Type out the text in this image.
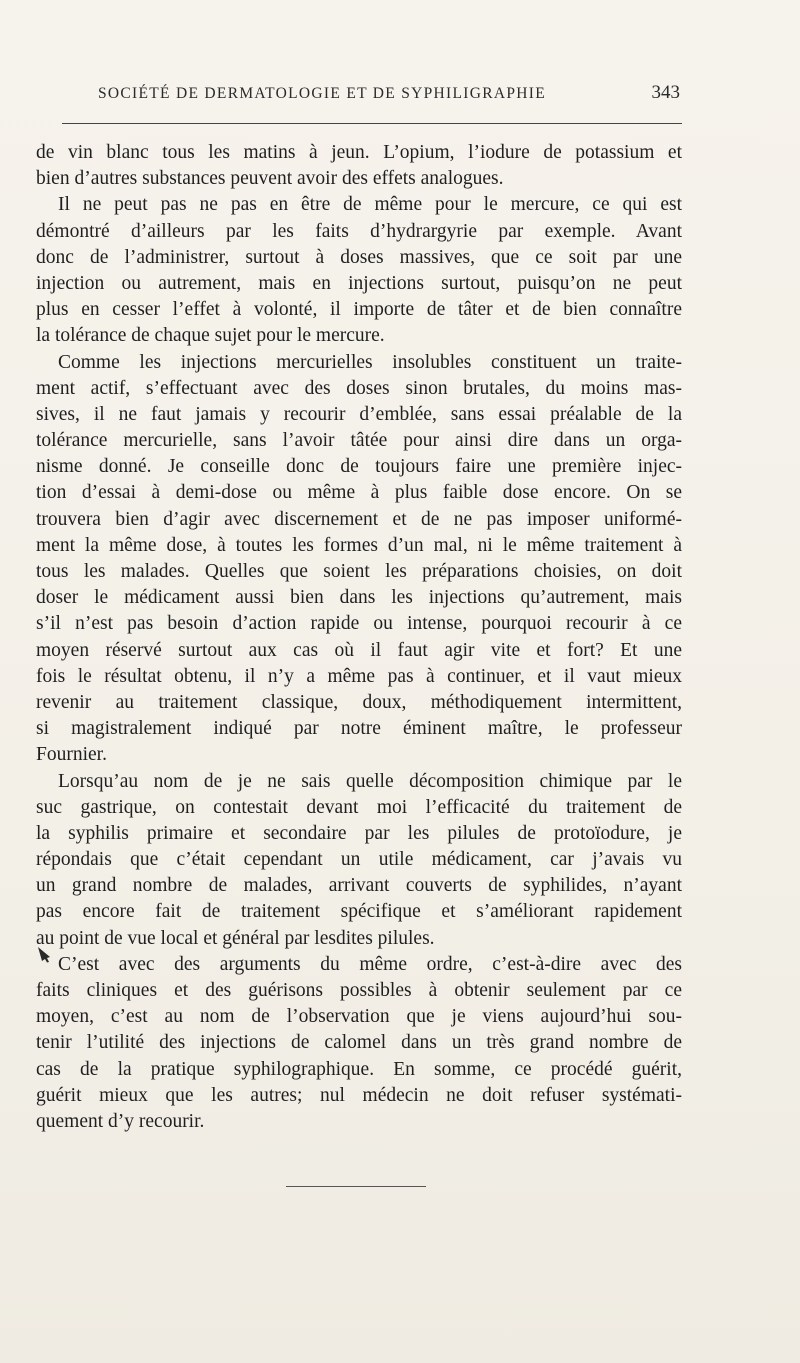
SOCIÉTÉ DE DERMATOLOGIE ET DE SYPHILIGRAPHIE	343
de vin blanc tous les matins à jeun. L’opium, l’iodure de potassium et
bien d’autres substances peuvent avoir des effets analogues.
Il ne peut pas ne pas en être de même pour le mercure, ce qui est
démontré d’ailleurs par les faits d’hydrargyrie par exemple. Avant
donc de l’administrer, surtout à doses massives, que ce soit par une
injection ou autrement, mais en injections surtout, puisqu’on ne peut
plus en cesser l’effet à volonté, il importe de tâter et de bien connaître
la tolérance de chaque sujet pour le mercure.
Comme les injections mercurielles insolubles constituent un traite-
ment actif, s’effectuant avec des doses sinon brutales, du moins mas-
sives, il ne faut jamais y recourir d’emblée, sans essai préalable de la
tolérance mercurielle, sans l’avoir tâtée pour ainsi dire dans un orga-
nisme donné. Je conseille donc de toujours faire une première injec-
tion d’essai à demi-dose ou même à plus faible dose encore. On se
trouvera bien d’agir avec discernement et de ne pas imposer uniformé-
ment la même dose, à toutes les formes d’un mal, ni le même traitement à
tous les malades. Quelles que soient les préparations choisies, on doit
doser le médicament aussi bien dans les injections qu’autrement, mais
s’il n’est pas besoin d’action rapide ou intense, pourquoi recourir à ce
moyen réservé surtout aux cas où il faut agir vite et fort? Et une
fois le résultat obtenu, il n’y a même pas à continuer, et il vaut mieux
revenir au traitement classique, doux, méthodiquement intermittent,
si magistralement indiqué par notre éminent maître, le professeur
Fournier.
Lorsqu’au nom de je ne sais quelle décomposition chimique par le
suc gastrique, on contestait devant moi l’efficacité du traitement de
la syphilis primaire et secondaire par les pilules de protoïodure, je
répondais que c’était cependant un utile médicament, car j’avais vu
un grand nombre de malades, arrivant couverts de syphilides, n’ayant
pas encore fait de traitement spécifique et s’améliorant rapidement
au point de vue local et général par lesdites pilules.
C’est avec des arguments du même ordre, c’est-à-dire avec des
faits cliniques et des guérisons possibles à obtenir seulement par ce
moyen, c’est au nom de l’observation que je viens aujourd’hui sou-
tenir l’utilité des injections de calomel dans un très grand nombre de
cas de la pratique syphilographique. En somme, ce procédé guérit,
guérit mieux que les autres; nul médecin ne doit refuser systémati-
quement d’y recourir.
